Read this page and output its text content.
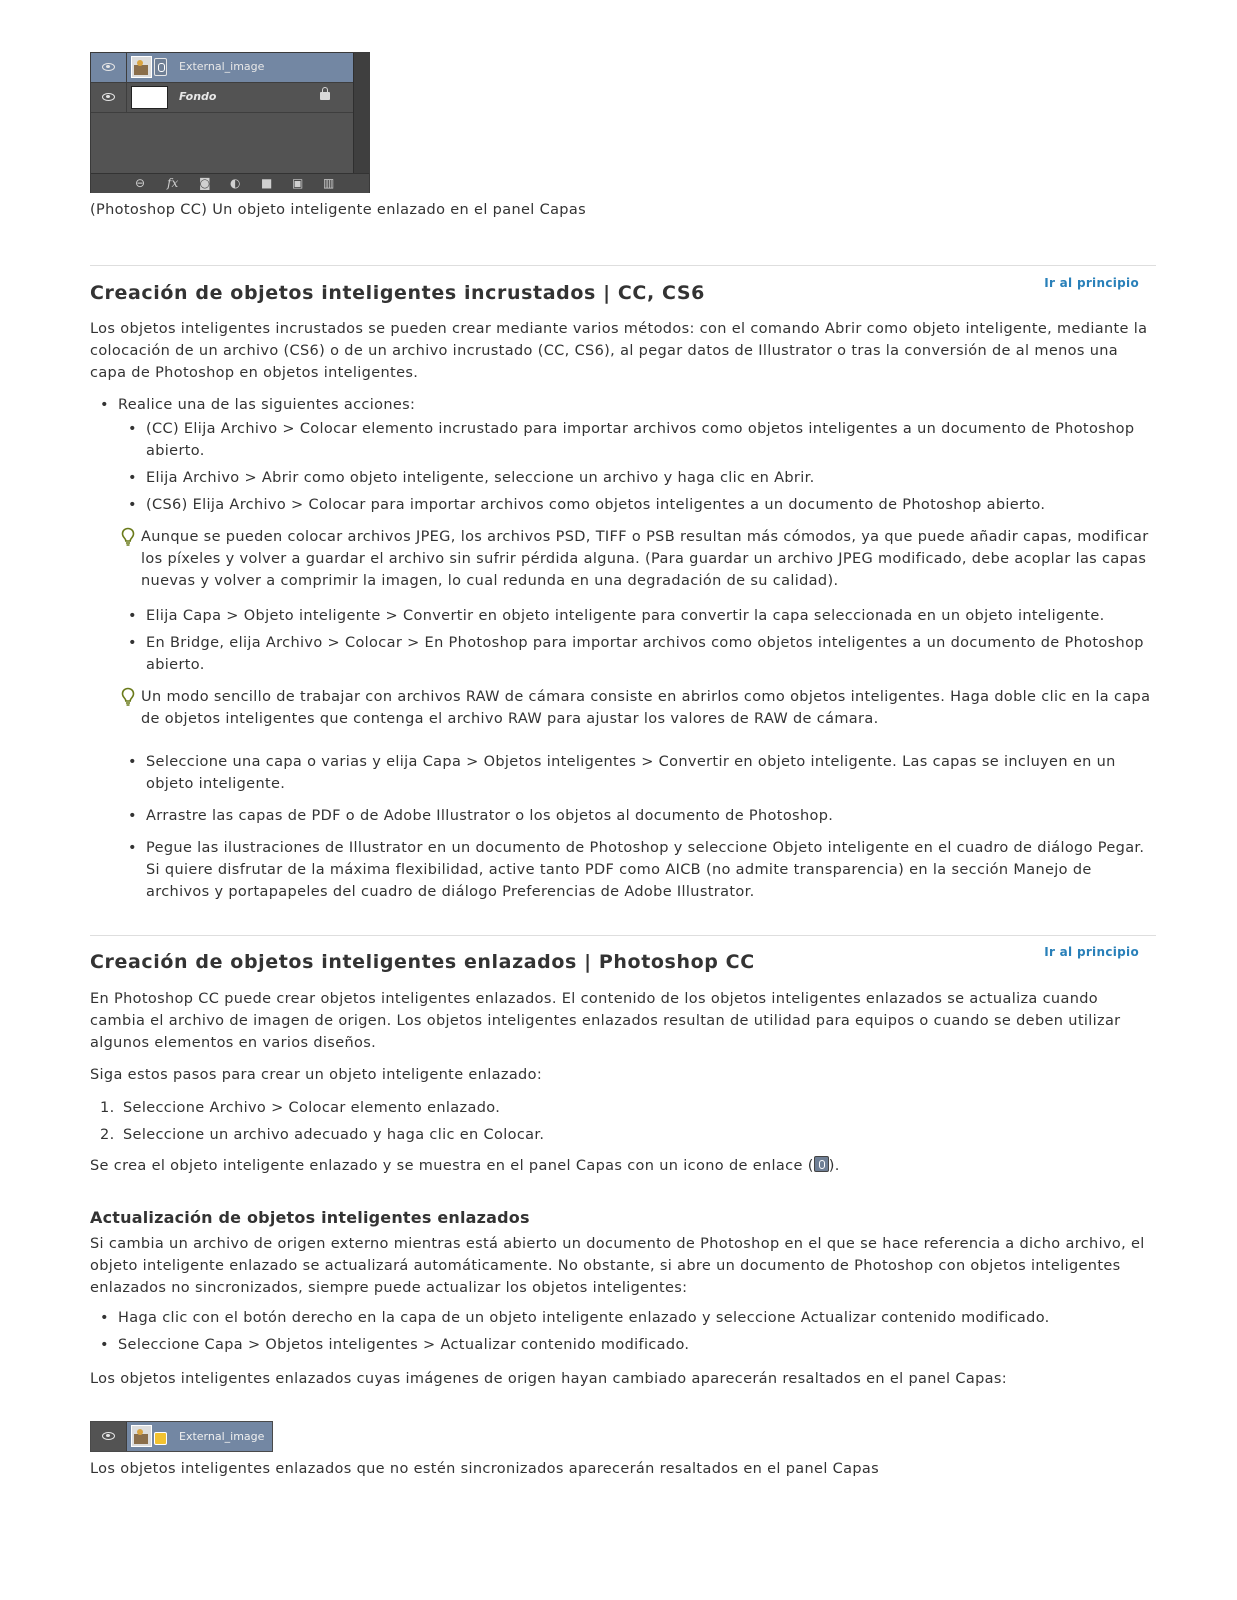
External_image
Fondo
⊖ fx ◙ ◐ ■ ▣ ▥

(Photoshop CC) Un objeto inteligente enlazado en el panel Capas

Ir al principio
Creación de objetos inteligentes incrustados | CC, CS6

Los objetos inteligentes incrustados se pueden crear mediante varios métodos: con el comando Abrir como objeto inteligente, mediante la colocación de un archivo (CS6) o de un archivo incrustado (CC, CS6), al pegar datos de Illustrator o tras la conversión de al menos una capa de Photoshop en objetos inteligentes.

• Realice una de las siguientes acciones:
• (CC) Elija Archivo > Colocar elemento incrustado para importar archivos como objetos inteligentes a un documento de Photoshop abierto.
• Elija Archivo > Abrir como objeto inteligente, seleccione un archivo y haga clic en Abrir.
• (CS6) Elija Archivo > Colocar para importar archivos como objetos inteligentes a un documento de Photoshop abierto.

Aunque se pueden colocar archivos JPEG, los archivos PSD, TIFF o PSB resultan más cómodos, ya que puede añadir capas, modificar los píxeles y volver a guardar el archivo sin sufrir pérdida alguna. (Para guardar un archivo JPEG modificado, debe acoplar las capas nuevas y volver a comprimir la imagen, lo cual redunda en una degradación de su calidad).

• Elija Capa > Objeto inteligente > Convertir en objeto inteligente para convertir la capa seleccionada en un objeto inteligente.
• En Bridge, elija Archivo > Colocar > En Photoshop para importar archivos como objetos inteligentes a un documento de Photoshop abierto.

Un modo sencillo de trabajar con archivos RAW de cámara consiste en abrirlos como objetos inteligentes. Haga doble clic en la capa de objetos inteligentes que contenga el archivo RAW para ajustar los valores de RAW de cámara.

• Seleccione una capa o varias y elija Capa > Objetos inteligentes > Convertir en objeto inteligente. Las capas se incluyen en un objeto inteligente.
• Arrastre las capas de PDF o de Adobe Illustrator o los objetos al documento de Photoshop.
• Pegue las ilustraciones de Illustrator en un documento de Photoshop y seleccione Objeto inteligente en el cuadro de diálogo Pegar. Si quiere disfrutar de la máxima flexibilidad, active tanto PDF como AICB (no admite transparencia) en la sección Manejo de archivos y portapapeles del cuadro de diálogo Preferencias de Adobe Illustrator.
Ir al principio
Creación de objetos inteligentes enlazados | Photoshop CC

En Photoshop CC puede crear objetos inteligentes enlazados. El contenido de los objetos inteligentes enlazados se actualiza cuando cambia el archivo de imagen de origen. Los objetos inteligentes enlazados resultan de utilidad para equipos o cuando se deben utilizar algunos elementos en varios diseños.

Siga estos pasos para crear un objeto inteligente enlazado:

1. Seleccione Archivo > Colocar elemento enlazado.
2. Seleccione un archivo adecuado y haga clic en Colocar.

Se crea el objeto inteligente enlazado y se muestra en el panel Capas con un icono de enlace ( ).

Actualización de objetos inteligentes enlazados

Si cambia un archivo de origen externo mientras está abierto un documento de Photoshop en el que se hace referencia a dicho archivo, el objeto inteligente enlazado se actualizará automáticamente. No obstante, si abre un documento de Photoshop con objetos inteligentes enlazados no sincronizados, siempre puede actualizar los objetos inteligentes:

• Haga clic con el botón derecho en la capa de un objeto inteligente enlazado y seleccione Actualizar contenido modificado.
• Seleccione Capa > Objetos inteligentes > Actualizar contenido modificado.

Los objetos inteligentes enlazados cuyas imágenes de origen hayan cambiado aparecerán resaltados en el panel Capas:

External_image

Los objetos inteligentes enlazados que no estén sincronizados aparecerán resaltados en el panel Capas
